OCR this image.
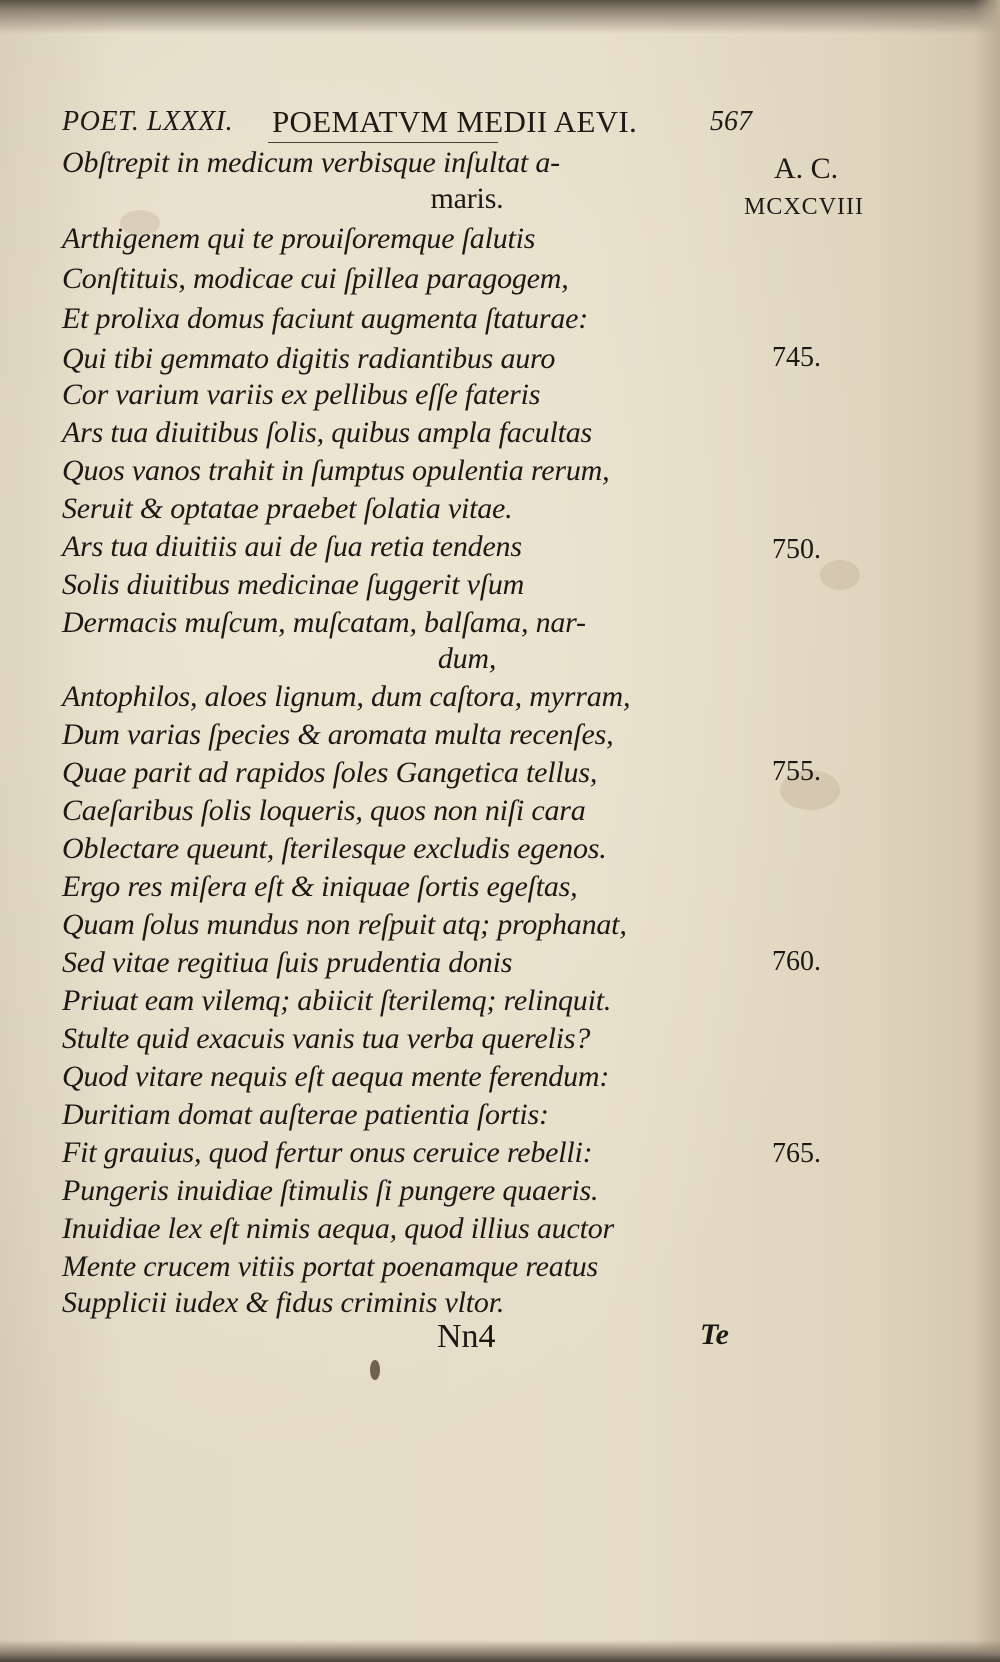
POET. LXXXI. POEMATVM MEDII AEVI.	567
A. C.
MCXCVIII
Obſtrepit in medicum verbisque inſultat a-
maris.
Arthigenem qui te prouiſoremque ſalutis
Conſtituis, modicae cui ſpillea paragogem,
Et prolixa domus faciunt augmenta ſtaturae:
Qui tibi gemmato digitis radiantibus auro
Cor varium variis ex pellibus eſſe fateris
Ars tua diuitibus ſolis, quibus ampla facultas
Quos vanos trahit in ſumptus opulentia rerum,
Seruit & optatae praebet ſolatia vitae.
Ars tua diuitiis aui de ſua retia tendens
Solis diuitibus medicinae ſuggerit vſum
Dermacis muſcum, muſcatam, balſama, nar-
dum,
Antophilos, aloes lignum, dum caſtora, myrram,
Dum varias ſpecies & aromata multa recenſes,
Quae parit ad rapidos ſoles Gangetica tellus,
Caeſaribus ſolis loqueris, quos non niſi cara
Oblectare queunt, ſterilesque excludis egenos.
Ergo res miſera eſt & iniquae ſortis egeſtas,
Quam ſolus mundus non reſpuit atq; prophanat,
Sed vitae regitiua ſuis prudentia donis
Priuat eam vilemq; abiicit ſterilemq; relinquit.
Stulte quid exacuis vanis tua verba querelis?
Quod vitare nequis eſt aequa mente ferendum:
Duritiam domat auſterae patientia ſortis:
Fit grauius, quod fertur onus ceruice rebelli:
Pungeris inuidiae ſtimulis ſi pungere quaeris.
Inuidiae lex eſt nimis aequa, quod illius auctor
Mente crucem vitiis portat poenamque reatus
Supplicii iudex & fidus criminis vltor.
745.
750.
755.
760.
765.
Nn4	Te
